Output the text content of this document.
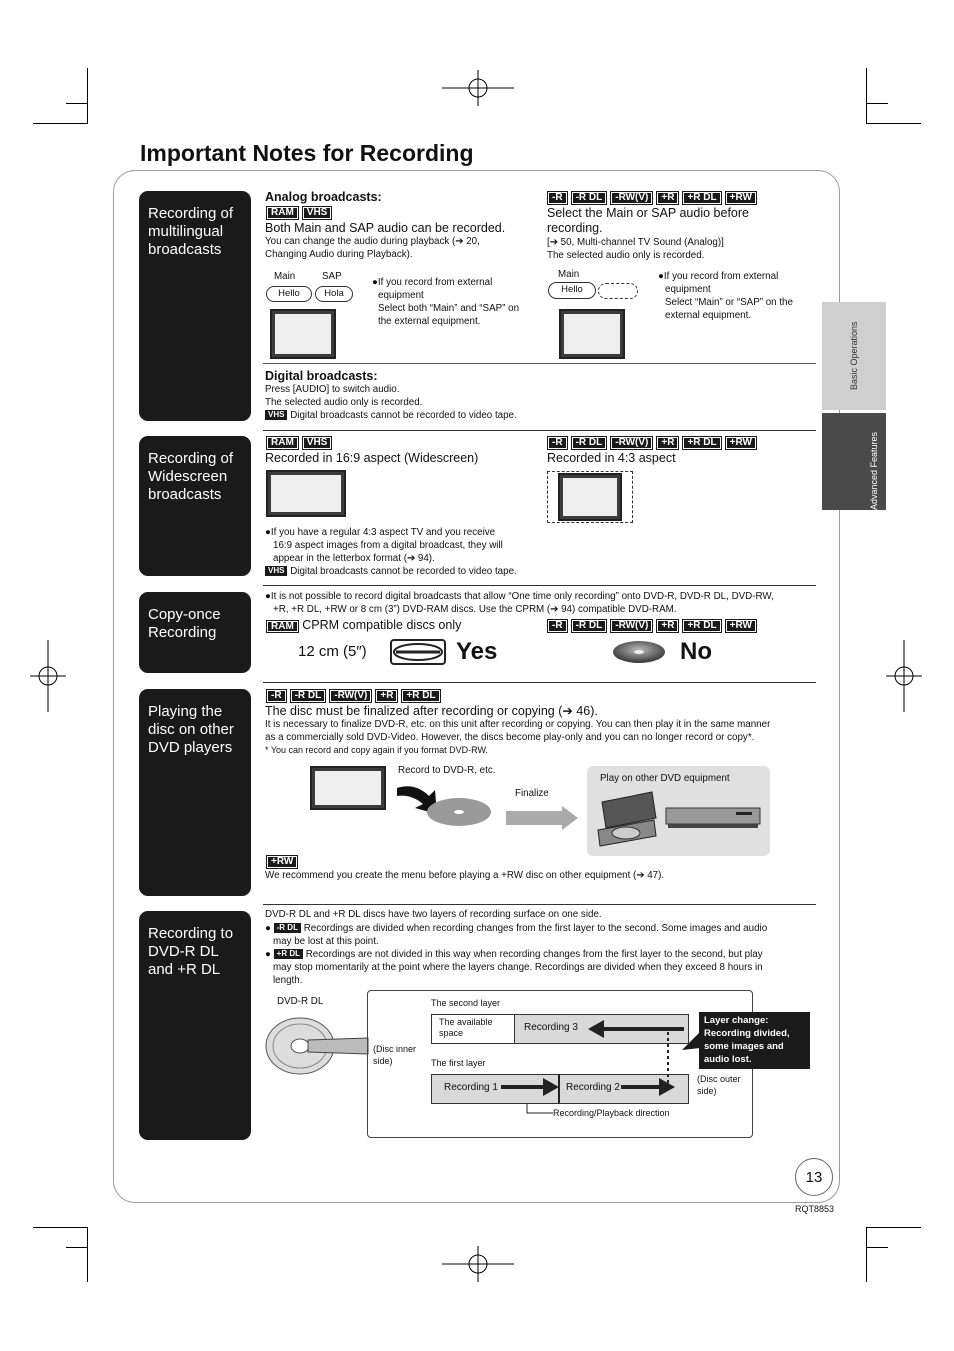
Important Notes for Recording
Basic Operations
Advanced Features
Recording of
multilingual
broadcasts
Analog broadcasts:
RAM	VHS
Both Main and SAP audio can be recorded.
You can change the audio during playback (➔ 20,
Changing Audio during Playback).
Main	SAP
Hello	Hola
●If you record from external
equipment
Select both “Main” and “SAP” on
the external equipment.
-R	-R DL	-RW(V)	+R	+R DL	+RW
Select the Main or SAP audio before
recording.
[➔ 50, Multi-channel TV Sound (Analog)]
The selected audio only is recorded.
Main
Hello
●If you record from external
equipment
Select “Main” or “SAP” on the
external equipment.
Digital broadcasts:
Press [AUDIO] to switch audio.
The selected audio only is recorded.
VHS Digital broadcasts cannot be recorded to video tape.
Recording of
Widescreen
broadcasts
RAM	VHS
Recorded in 16:9 aspect (Widescreen)
-R	-R DL	-RW(V)	+R	+R DL	+RW
Recorded in 4:3 aspect
●If you have a regular 4:3 aspect TV and you receive
16:9 aspect images from a digital broadcast, they will
appear in the letterbox format (➔ 94).
VHS Digital broadcasts cannot be recorded to video tape.
Copy-once
Recording
●It is not possible to record digital broadcasts that allow “One time only recording” onto DVD-R, DVD-R DL, DVD-RW,
+R, +R DL, +RW or 8 cm (3”) DVD-RAM discs. Use the CPRM (➔ 94) compatible DVD-RAM.
RAM CPRM compatible discs only	-R	-R DL	-RW(V)	+R	+R DL	+RW
12 cm (5″)	Yes	No
Playing the
disc on other
DVD players
-R	-R DL	-RW(V)	+R	+R DL
The disc must be finalized after recording or copying (➔ 46).
It is necessary to finalize DVD-R, etc. on this unit after recording or copying. You can then play it in the same manner
as a commercially sold DVD-Video. However, the discs become play-only and you can no longer record or copy*.
* You can record and copy again if you format DVD-RW.
Record to DVD-R, etc.
Finalize
Play on other DVD equipment
+RW
We recommend you create the menu before playing a +RW disc on other equipment (➔ 47).
Recording to
DVD-R DL
and +R DL
DVD-R DL and +R DL discs have two layers of recording surface on one side.
● -R DL Recordings are divided when recording changes from the first layer to the second. Some images and audio
may be lost at this point.
● +R DL Recordings are not divided in this way when recording changes from the first layer to the second, but play
may stop momentarily at the point where the layers change. Recordings are divided when they exceed 8 hours in
length.
DVD-R DL
(Disc inner
side)
The second layer
The available
space	Recording 3
The first layer
Recording 1	Recording 2
(Disc outer
side)
Recording/Playback direction
Layer change:
Recording divided,
some images and
audio lost.
13
RQT8853
